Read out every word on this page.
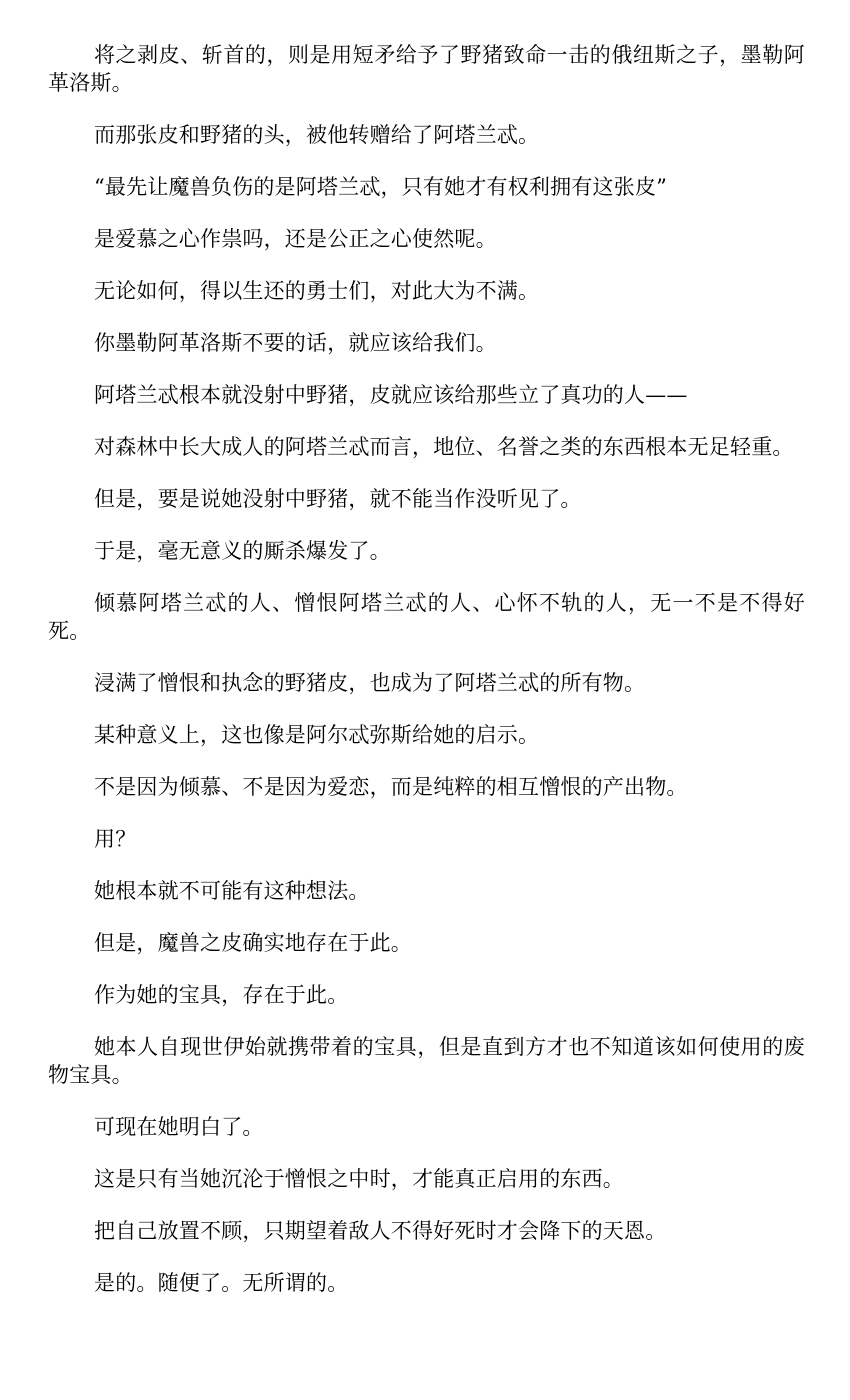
将之剥皮、斩首的，则是用短矛给予了野猪致命一击的俄纽斯之子，墨勒阿革洛斯。

而那张皮和野猪的头，被他转赠给了阿塔兰忒。

“最先让魔兽负伤的是阿塔兰忒，只有她才有权利拥有这张皮”

是爱慕之心作祟吗，还是公正之心使然呢。

无论如何，得以生还的勇士们，对此大为不满。

你墨勒阿革洛斯不要的话，就应该给我们。

阿塔兰忒根本就没射中野猪，皮就应该给那些立了真功的人——

对森林中长大成人的阿塔兰忒而言，地位、名誉之类的东西根本无足轻重。

但是，要是说她没射中野猪，就不能当作没听见了。

于是，毫无意义的厮杀爆发了。

倾慕阿塔兰忒的人、憎恨阿塔兰忒的人、心怀不轨的人，无一不是不得好死。

浸满了憎恨和执念的野猪皮，也成为了阿塔兰忒的所有物。

某种意义上，这也像是阿尔忒弥斯给她的启示。

不是因为倾慕、不是因为爱恋，而是纯粹的相互憎恨的产出物。

用？

她根本就不可能有这种想法。

但是，魔兽之皮确实地存在于此。

作为她的宝具，存在于此。

她本人自现世伊始就携带着的宝具，但是直到方才也不知道该如何使用的废物宝具。

可现在她明白了。

这是只有当她沉沦于憎恨之中时，才能真正启用的东西。

把自己放置不顾，只期望着敌人不得好死时才会降下的天恩。

是的。随便了。无所谓的。
